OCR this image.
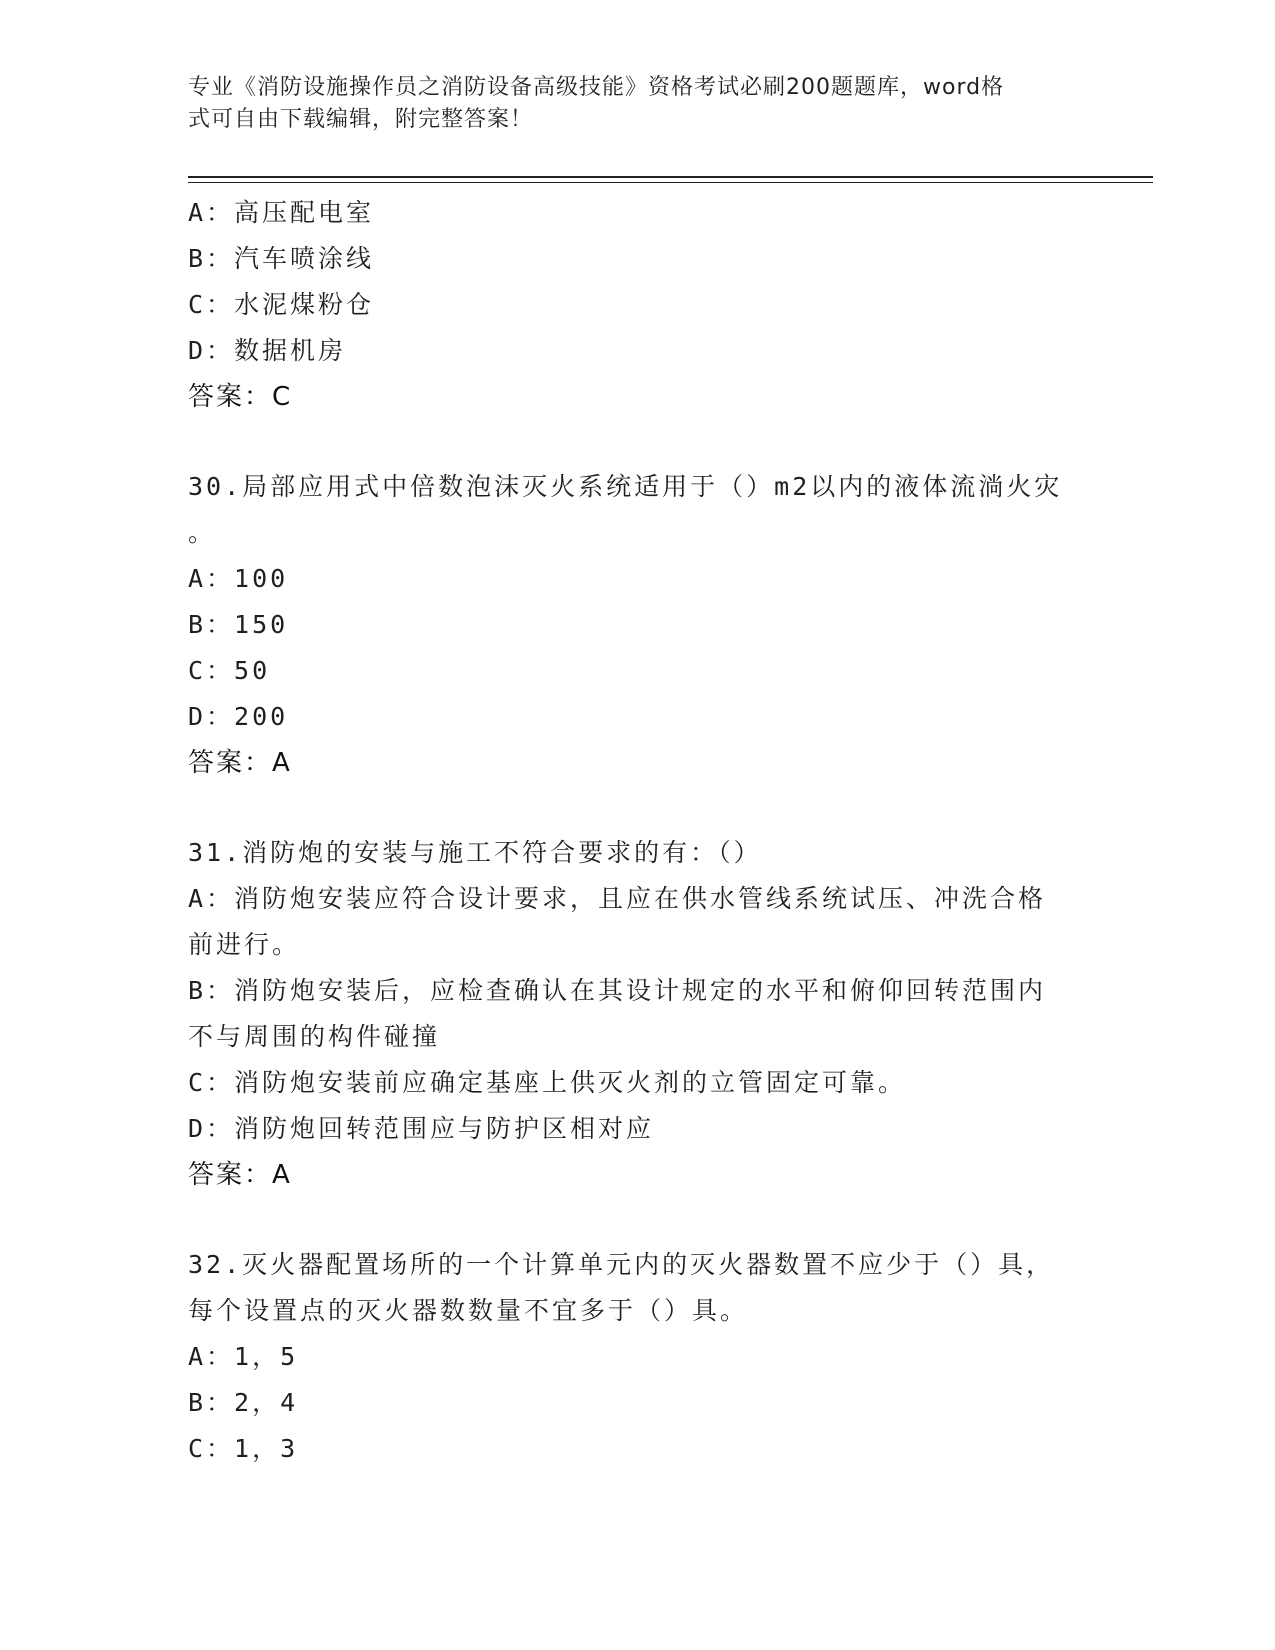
专业《消防设施操作员之消防设备高级技能》资格考试必刷200题题库，word格
式可自由下载编辑，附完整答案！
A：高压配电室
B：汽车喷涂线
C：水泥煤粉仓
D：数据机房
答案：C
30.局部应用式中倍数泡沫灭火系统适用于（）m2以内的液体流淌火灾
。
A：100
B：150
C：50
D：200
答案：A
31.消防炮的安装与施工不符合要求的有：（）
A：消防炮安装应符合设计要求，且应在供水管线系统试压、冲洗合格
前进行。
B：消防炮安装后，应检查确认在其设计规定的水平和俯仰回转范围内
不与周围的构件碰撞
C：消防炮安装前应确定基座上供灭火剂的立管固定可靠。
D：消防炮回转范围应与防护区相对应
答案：A
32.灭火器配置场所的一个计算单元内的灭火器数置不应少于（）具，
每个设置点的灭火器数数量不宜多于（）具。
A：1，5
B：2，4
C：1，3
